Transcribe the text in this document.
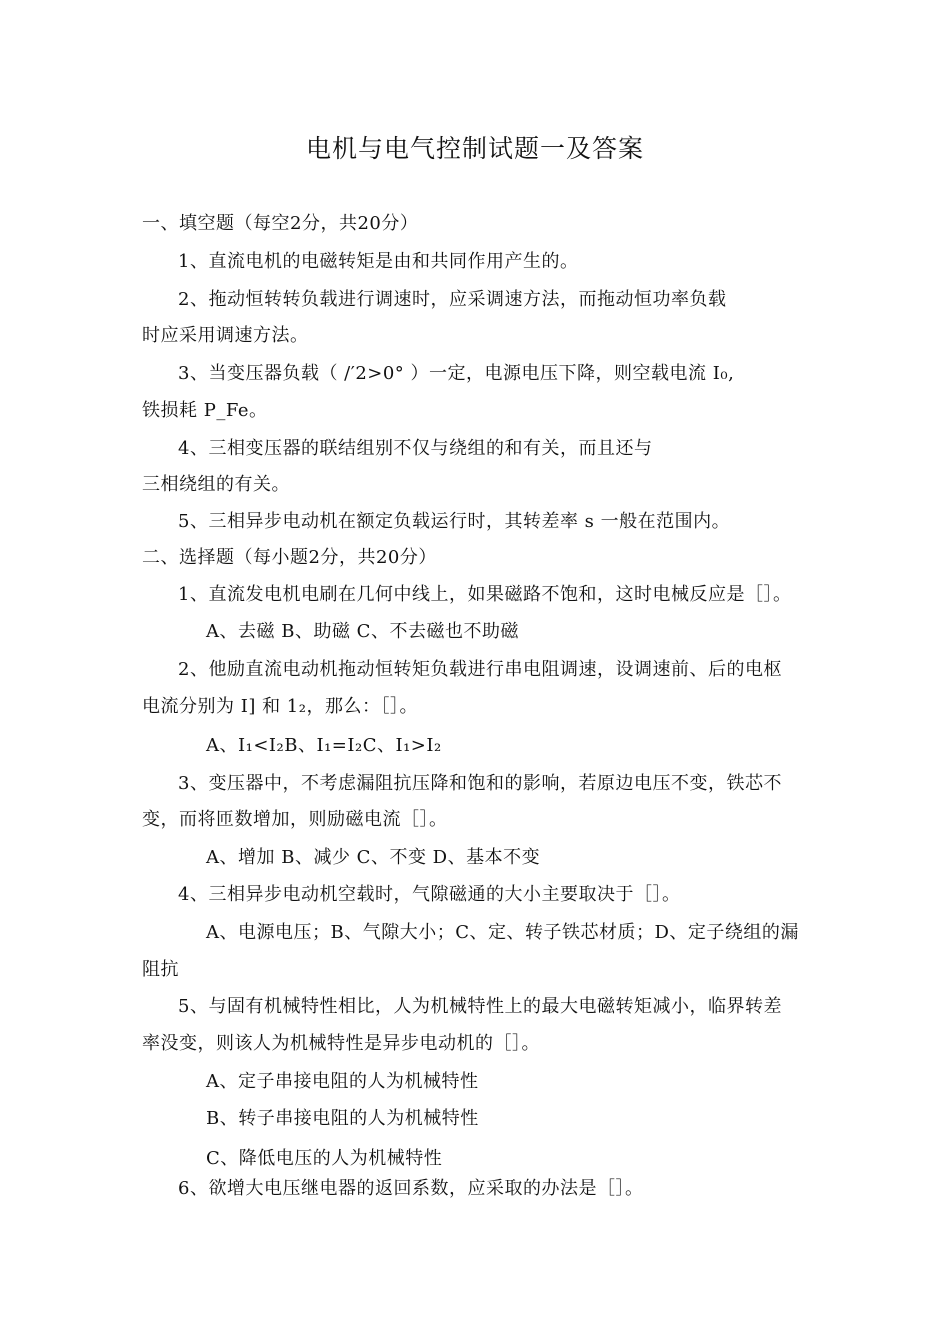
电机与电气控制试题一及答案
一、填空题（每空2分，共20分）
1、直流电机的电磁转矩是由和共同作用产生的。
2、拖动恒转转负载进行调速时，应采调速方法，而拖动恒功率负载
时应采用调速方法。
3、当变压器负载（ /′2>0° ）一定，电源电压下降，则空载电流 I₀,
铁损耗 P_Fe。
4、三相变压器的联结组别不仅与绕组的和有关，而且还与
三相绕组的有关。
5、三相异步电动机在额定负载运行时，其转差率 s 一般在范围内。
二、选择题（每小题2分，共20分）
1、直流发电机电刷在几何中线上，如果磁路不饱和，这时电械反应是［］。
A、去磁 B、助磁 C、不去磁也不助磁
2、他励直流电动机拖动恒转矩负载进行串电阻调速，设调速前、后的电枢
电流分别为 I] 和 1₂，那么：［］。
A、I₁<I₂B、I₁=I₂C、I₁>I₂
3、变压器中，不考虑漏阻抗压降和饱和的影响，若原边电压不变，铁芯不
变，而将匝数增加，则励磁电流［］。
A、增加 B、减少 C、不变 D、基本不变
4、三相异步电动机空载时，气隙磁通的大小主要取决于［］。
A、电源电压；B、气隙大小；C、定、转子铁芯材质；D、定子绕组的漏
阻抗
5、与固有机械特性相比，人为机械特性上的最大电磁转矩减小，临界转差
率没变，则该人为机械特性是异步电动机的［］。
A、定子串接电阻的人为机械特性
B、转子串接电阻的人为机械特性
C、降低电压的人为机械特性
6、欲增大电压继电器的返回系数，应采取的办法是［］。
